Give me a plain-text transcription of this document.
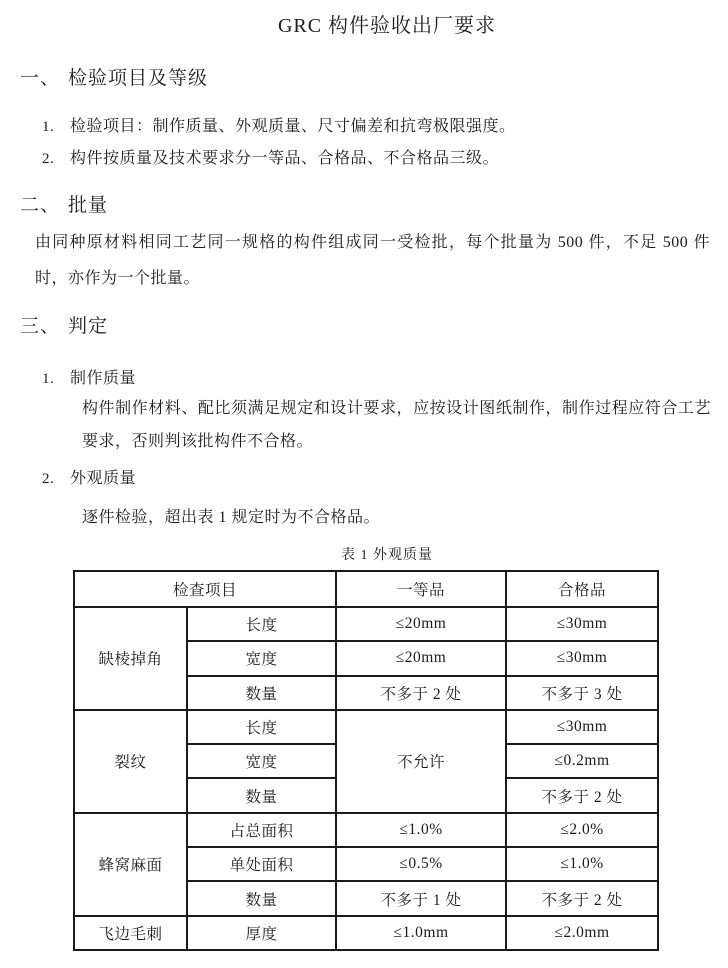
GRC 构件验收出厂要求
一、 检验项目及等级
1. 检验项目：制作质量、外观质量、尺寸偏差和抗弯极限强度。
2. 构件按质量及技术要求分一等品、合格品、不合格品三级。
二、 批量
由同种原材料相同工艺同一规格的构件组成同一受检批，每个批量为 500 件，不足 500 件时，亦作为一个批量。
三、 判定
1. 制作质量
构件制作材料、配比须满足规定和设计要求，应按设计图纸制作，制作过程应符合工艺要求，否则判该批构件不合格。
2. 外观质量
逐件检验，超出表 1 规定时为不合格品。
表 1 外观质量
检查项目		一等品	合格品
缺棱掉角	长度	≤20mm	≤30mm
	宽度	≤20mm	≤30mm
	数量	不多于 2 处	不多于 3 处
裂纹	长度	不允许	≤30mm
	宽度		≤0.2mm
	数量		不多于 2 处
蜂窝麻面	占总面积	≤1.0%	≤2.0%
	单处面积	≤0.5%	≤1.0%
	数量	不多于 1 处	不多于 2 处
飞边毛刺	厚度	≤1.0mm	≤2.0mm
